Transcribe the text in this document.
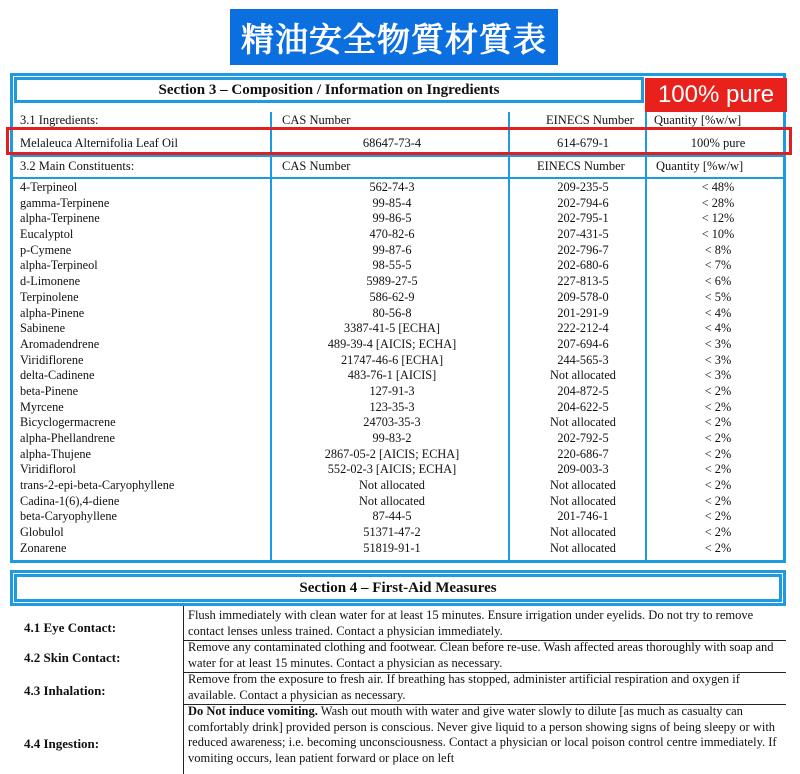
精油安全物質材質表
Section 3 – Composition / Information on Ingredients	100% pure
3.1 Ingredients:	CAS Number	EINECS Number Quantity [%w/w]
Melaleuca Alternifolia Leaf Oil	68647-73-4	614-679-1	100% pure
3.2 Main Constituents:	CAS Number	EINECS Number Quantity [%w/w]
4-Terpineol	562-74-3	209-235-5	< 48%
gamma-Terpinene	99-85-4	202-794-6	< 28%
alpha-Terpinene	99-86-5	202-795-1	< 12%
Eucalyptol	470-82-6	207-431-5	< 10%
p-Cymene	99-87-6	202-796-7	< 8%
alpha-Terpineol	98-55-5	202-680-6	< 7%
d-Limonene	5989-27-5	227-813-5	< 6%
Terpinolene	586-62-9	209-578-0	< 5%
alpha-Pinene	80-56-8	201-291-9	< 4%
Sabinene	3387-41-5 [ECHA]	222-212-4	< 4%
Aromadendrene	489-39-4 [AICIS; ECHA]	207-694-6	< 3%
Viridiflorene	21747-46-6 [ECHA]	244-565-3	< 3%
delta-Cadinene	483-76-1 [AICIS]	Not allocated	< 3%
beta-Pinene	127-91-3	204-872-5	< 2%
Myrcene	123-35-3	204-622-5	< 2%
Bicyclogermacrene	24703-35-3	Not allocated	< 2%
alpha-Phellandrene	99-83-2	202-792-5	< 2%
alpha-Thujene	2867-05-2 [AICIS; ECHA]	220-686-7	< 2%
Viridiflorol	552-02-3 [AICIS; ECHA]	209-003-3	< 2%
trans-2-epi-beta-Caryophyllene	Not allocated	Not allocated	< 2%
Cadina-1(6),4-diene	Not allocated	Not allocated	< 2%
beta-Caryophyllene	87-44-5	201-746-1	< 2%
Globulol	51371-47-2	Not allocated	< 2%
Zonarene	51819-91-1	Not allocated	< 2%
Section 4 – First-Aid Measures
4.1 Eye Contact:
Flush immediately with clean water for at least 15 minutes. Ensure irrigation under eyelids. Do not try to remove contact lenses unless trained. Contact a physician immediately.
4.2 Skin Contact:
Remove any contaminated clothing and footwear. Clean before re-use. Wash affected areas thoroughly with soap and water for at least 15 minutes. Contact a physician as necessary.
4.3 Inhalation:
Remove from the exposure to fresh air. If breathing has stopped, administer artificial respiration and oxygen if available. Contact a physician as necessary.
4.4 Ingestion:
Do Not induce vomiting. Wash out mouth with water and give water slowly to dilute [as much as casualty can comfortably drink] provided person is conscious. Never give liquid to a person showing signs of being sleepy or with reduced awareness; i.e. becoming unconsciousness. Contact a physician or local poison control centre immediately. If vomiting occurs, lean patient forward or place on left
